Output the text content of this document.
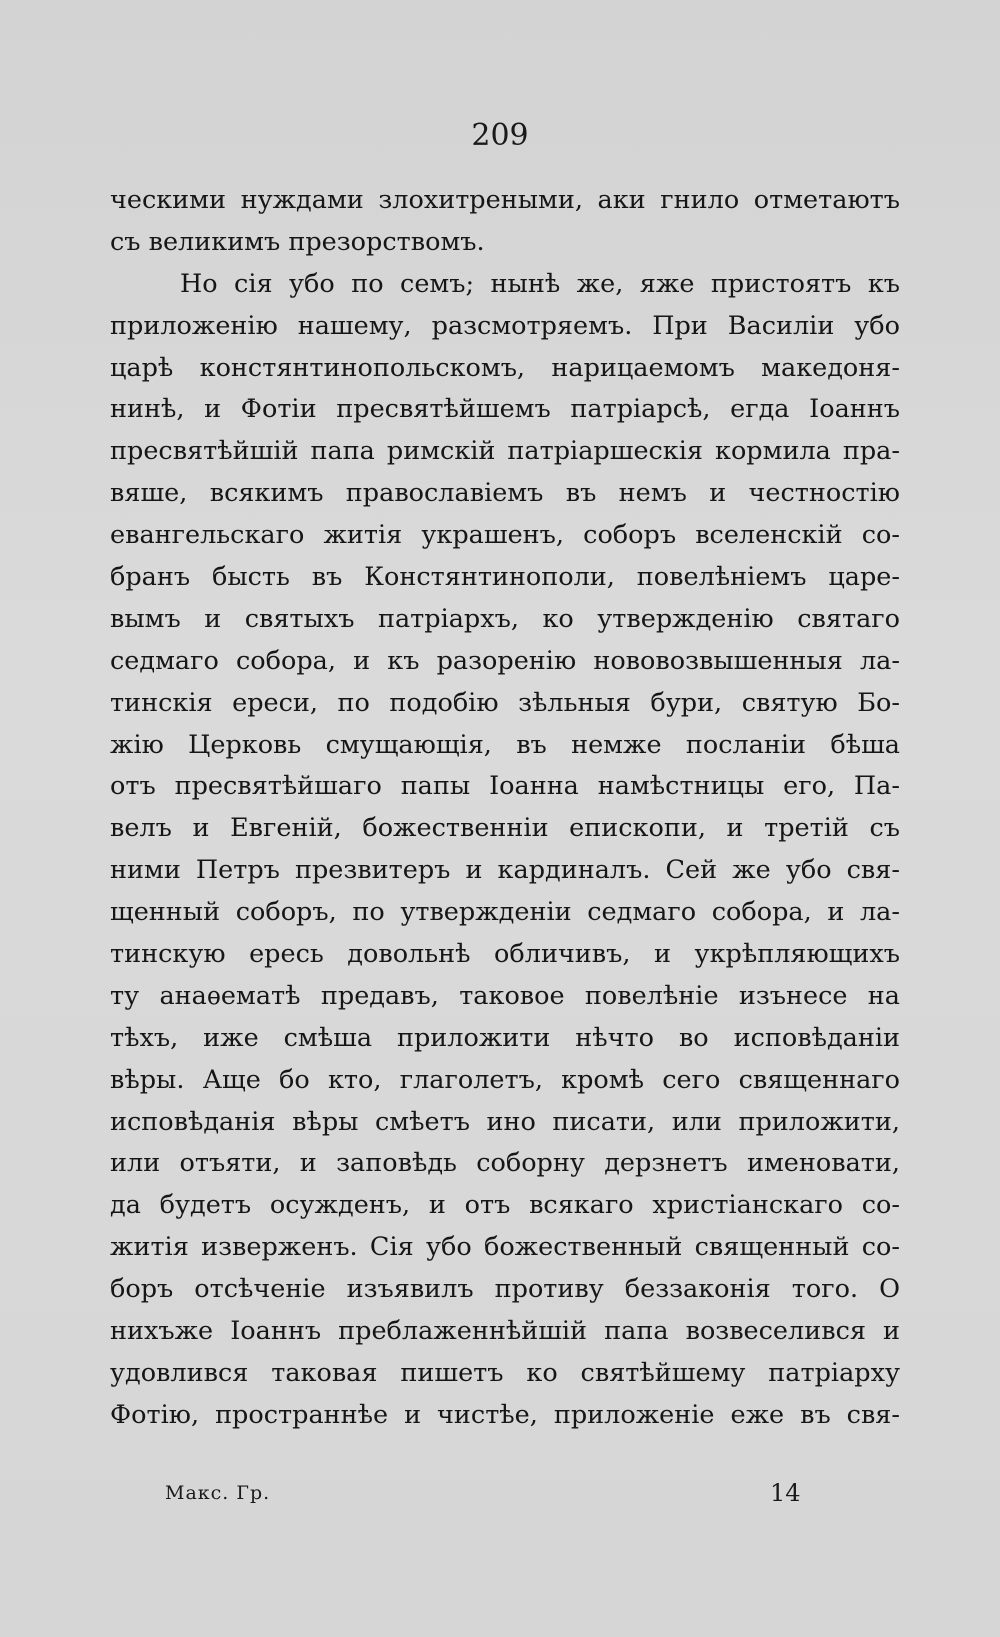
209
ческими нуждами злохитреными, аки гнило отметаютъ
съ великимъ презорствомъ.
Но сія убо по семъ; нынѣ же, яже пристоятъ къ
приложенію нашему, разсмотряемъ. При Василіи убо
царѣ констянтинопольскомъ, нарицаемомъ македоня-
нинѣ, и Фотіи пресвятѣйшемъ патріарсѣ, егда Іоаннъ
пресвятѣйшій папа римскій патріаршескія кормила пра-
вяше, всякимъ православіемъ въ немъ и честностію
евангельскаго житія украшенъ, соборъ вселенскій со-
бранъ бысть въ Констянтинополи, повелѣніемъ царе-
вымъ и святыхъ патріархъ, ко утвержденію святаго
седмаго собора, и къ разоренію нововозвышенныя ла-
тинскія ереси, по подобію зѣльныя бури, святую Бо-
жію Церковь смущающія, въ немже посланіи бѣша
отъ пресвятѣйшаго папы Іоанна намѣстницы его, Па-
велъ и Евгеній, божественніи епископи, и третій съ
ними Петръ презвитеръ и кардиналъ. Сей же убо свя-
щенный соборъ, по утвержденіи седмаго собора, и ла-
тинскую ересь довольнѣ обличивъ, и укрѣпляющихъ
ту анаѳематѣ предавъ, таковое повелѣніе изънесе на
тѣхъ, иже смѣша приложити нѣчто во исповѣданіи
вѣры. Аще бо кто, глаголетъ, кромѣ сего священнаго
исповѣданія вѣры смѣетъ ино писати, или приложити,
или отъяти, и заповѣдь соборну дерзнетъ именовати,
да будетъ осужденъ, и отъ всякаго христіанскаго со-
житія изверженъ. Сія убо божественный священный со-
боръ отсѣченіе изъявилъ противу беззаконія того. О
нихъже Іоаннъ преблаженнѣйшій папа возвеселився и
удовлився таковая пишетъ ко святѣйшему патріарху
Фотію, пространнѣе и чистѣе, приложеніе еже въ свя-
Макс. Гр.	14
